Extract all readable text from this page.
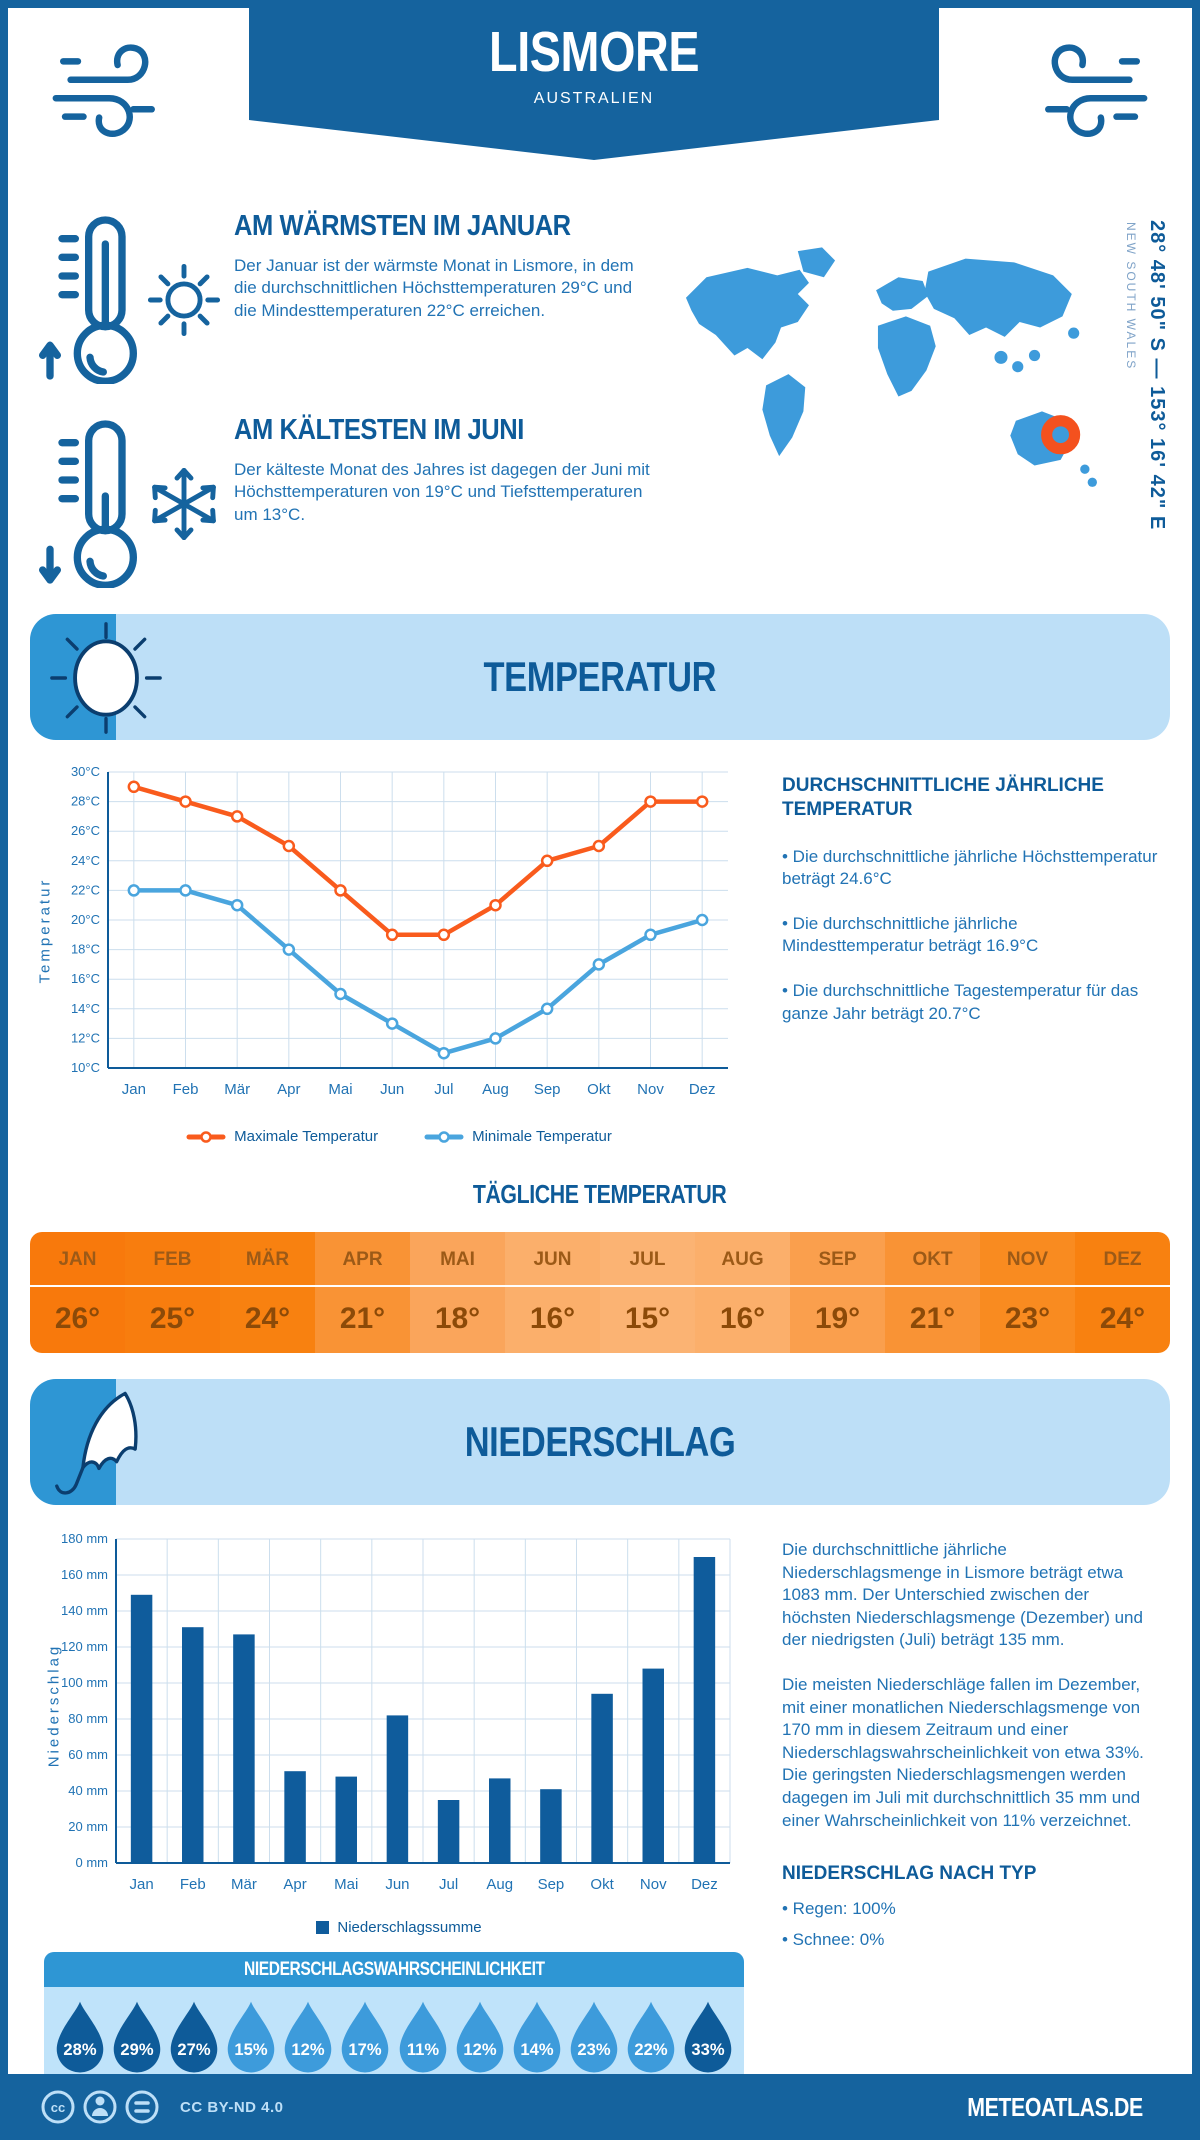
LISMORE
AUSTRALIEN
AM WÄRMSTEN IM JANUAR

Der Januar ist der wärmste Monat in Lismore, in dem die durchschnittlichen Höchsttemperaturen 29°C und die Mindesttemperaturen 22°C erreichen.

AM KÄLTESTEN IM JUNI

Der kälteste Monat des Jahres ist dagegen der Juni mit Höchsttemperaturen von 19°C und Tiefsttemperaturen um 13°C.	28° 48' 50" S — 153° 16' 42" E
NEW SOUTH WALES
TEMPERATUR
Temperatur
10°C
12°C
14°C
16°C
18°C
20°C
22°C
24°C
26°C
28°C
30°C
Jan Feb Mär Apr Mai Jun Jul Aug Sep Okt Nov Dez
Maximale Temperatur	Minimale Temperatur
DURCHSCHNITTLICHE JÄHRLICHE TEMPERATUR

• Die durchschnittliche jährliche Höchsttemperatur beträgt 24.6°C

• Die durchschnittliche jährliche Mindesttemperatur beträgt 16.9°C

• Die durchschnittliche Tagestemperatur für das ganze Jahr beträgt 20.7°C

TÄGLICHE TEMPERATUR
JAN
26°
FEB
25°
MÄR
24°
APR
21°
MAI
18°
JUN
16°
JUL
15°
AUG
16°
SEP
19°
OKT
21°
NOV
23°
DEZ
24°
NIEDERSCHLAG
Niederschlag
0 mm
20 mm
40 mm
60 mm
80 mm
100 mm
120 mm
140 mm
160 mm
180 mm
Jan Feb Mär Apr Mai Jun Jul Aug Sep Okt Nov Dez
Niederschlagssumme
NIEDERSCHLAGSWAHRSCHEINLICHKEIT
28% 29% 27% 15% 12% 17% 11% 12% 14% 23% 22% 33%

Die durchschnittliche jährliche Niederschlagsmenge in Lismore beträgt etwa 1083 mm. Der Unterschied zwischen der höchsten Niederschlagsmenge (Dezember) und der niedrigsten (Juli) beträgt 135 mm.

Die meisten Niederschläge fallen im Dezember, mit einer monatlichen Niederschlagsmenge von 170 mm in diesem Zeitraum und einer Niederschlagswahrscheinlichkeit von etwa 33%. Die geringsten Niederschlagsmengen werden dagegen im Juli mit durchschnittlich 35 mm und einer Wahrscheinlichkeit von 11% verzeichnet.

NIEDERSCHLAG NACH TYP

• Regen: 100%

• Schnee: 0%

cc	CC BY-ND 4.0	METEOATLAS.DE
